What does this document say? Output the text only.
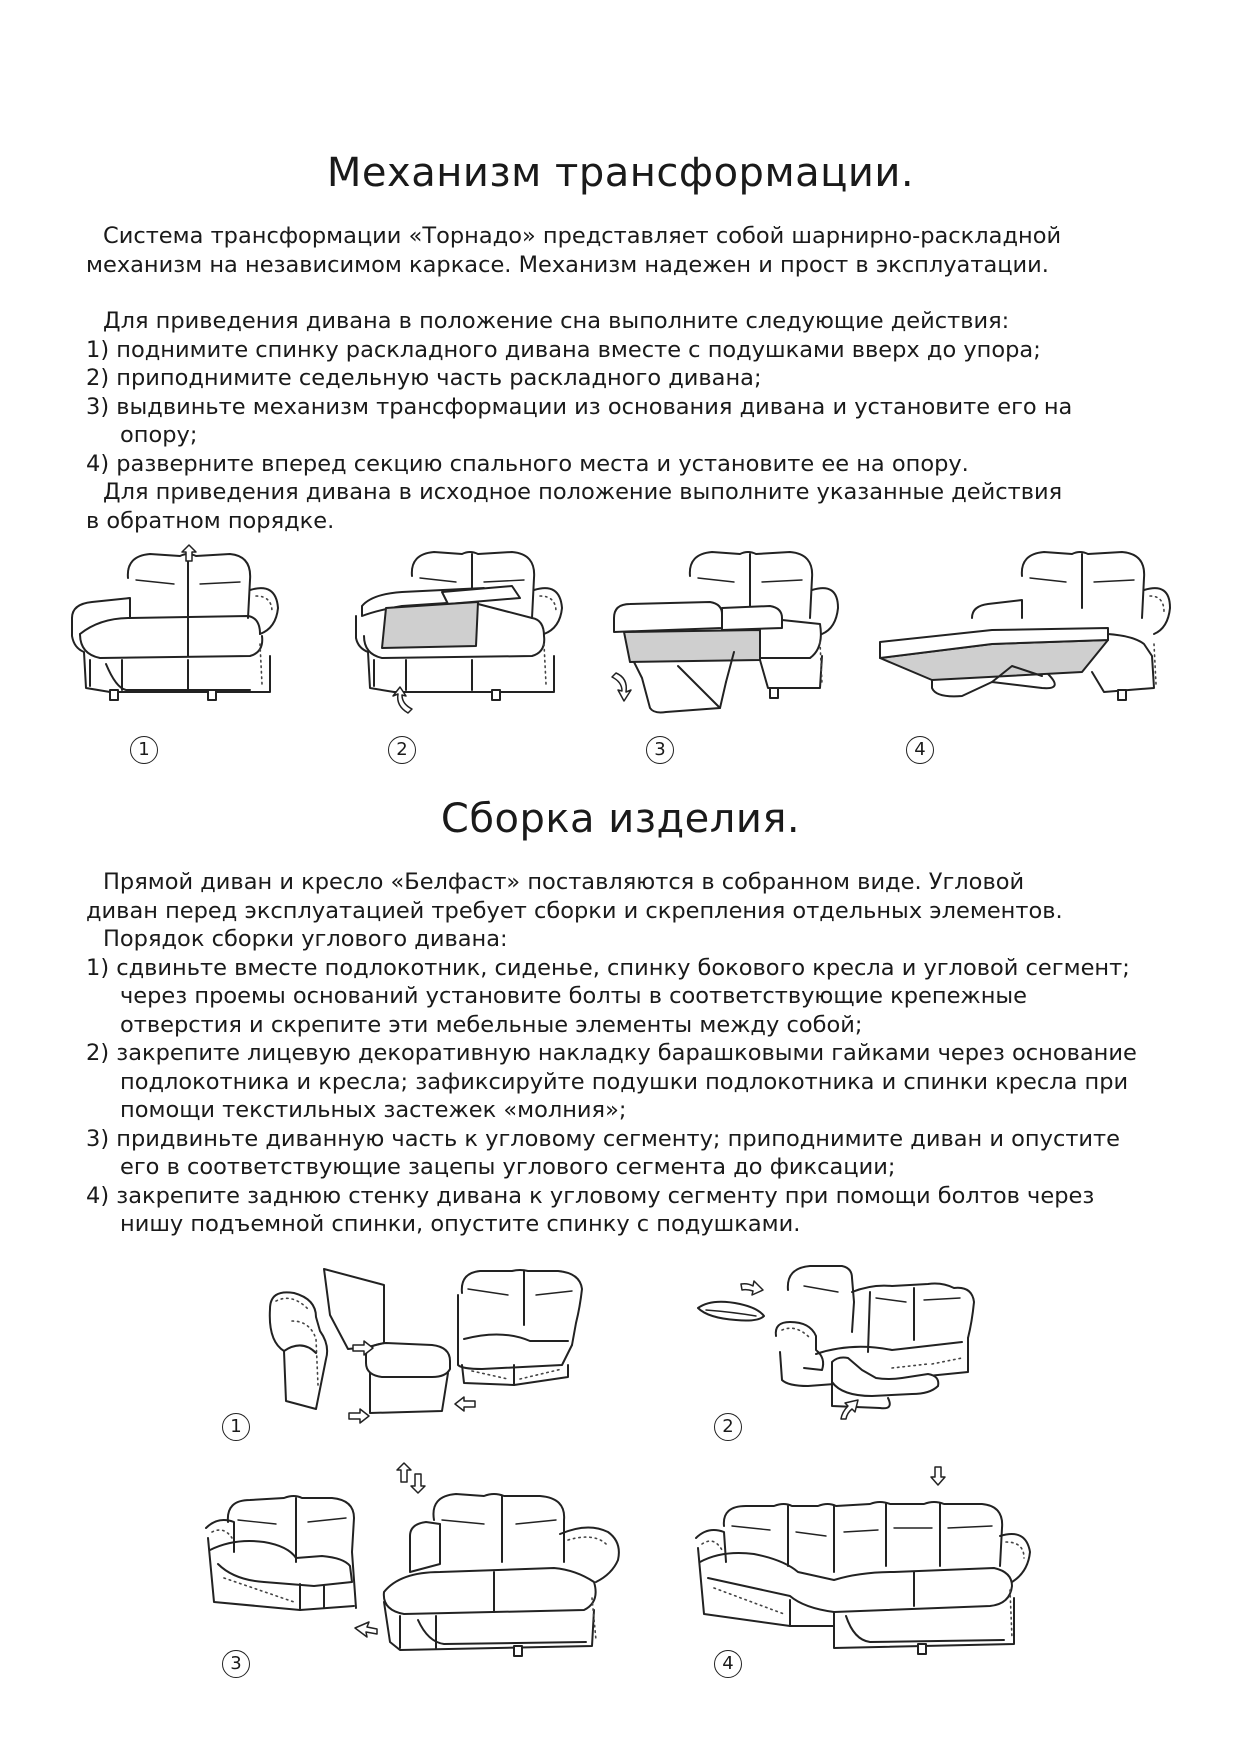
Механизм трансформации.

Система трансформации «Торнадо» представляет собой шарнирно-раскладной

механизм на независимом каркасе. Механизм надежен и прост в эксплуатации.

Для приведения дивана в положение сна выполните следующие действия:

1) поднимите спинку раскладного дивана вместе с подушками вверх до упора;

2) приподнимите седельную часть раскладного дивана;

3) выдвиньте механизм трансформации из основания дивана и установите его на опору;

4) разверните вперед секцию спального места и установите ее на опору.

Для приведения дивана в исходное положение выполните указанные действия

в обратном порядке.

1	2	3	4
Сборка изделия.

Прямой диван и кресло «Белфаст» поставляются в собранном виде. Угловой

диван перед эксплуатацией требует сборки и скрепления отдельных элементов.

Порядок сборки углового дивана:

1) сдвиньте вместе подлокотник, сиденье, спинку бокового кресла и угловой сегмент; через проемы оснований установите болты в соответствующие крепежные отверстия и скрепите эти мебельные элементы между собой;

2) закрепите лицевую декоративную накладку барашковыми гайками через основание подлокотника и кресла; зафиксируйте подушки подлокотника и спинки кресла при помощи текстильных застежек «молния»;

3) придвиньте диванную часть к угловому сегменту; приподнимите диван и опустите его в соответствующие зацепы углового сегмента до фиксации;

4) закрепите заднюю стенку дивана к угловому сегменту при помощи болтов через нишу подъемной спинки, опустите спинку с подушками.

1	2
3	4
